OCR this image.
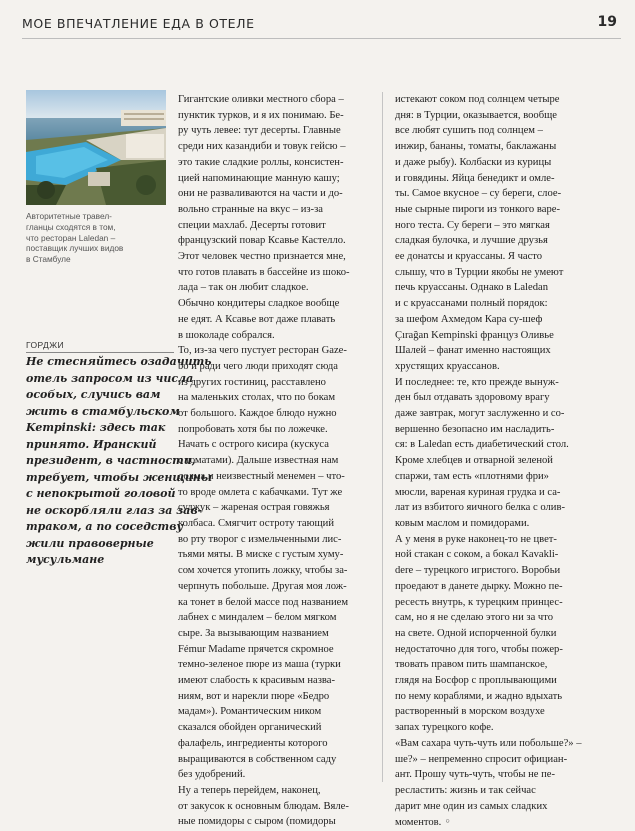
МОЕ ВПЕЧАТЛЕНИЕ ЕДА В ОТЕЛЕ	19
Авторитетные травел-
гланцы сходятся в том,
что ресторан Laledan –
поставщик лучших видов
в Стамбуле
ГОРДЖИ
Не стесняйтесь озадачить
отель запросом из числа
особых, случись вам
жить в стамбульском
Kempinski: здесь так
принято. Иранский
президент, в частности,
требует, чтобы женщины
с непокрытой головой
не оскорбляли глаз за зав-
траком, а по соседству
жили правоверные
мусульмане
Гигантские оливки местного сбора –
пунктик турков, и я их понимаю. Бе-
ру чуть левее: тут десерты. Главные
среди них казандиби и товук гейсю –
это такие сладкие роллы, консистен-
цией напоминающие манную кашу;
они не разваливаются на части и до-
вольно странные на вкус – из-за
специи махлаб. Десерты готовит
французский повар Ксавье Кастелло.
Этот человек честно признается мне,
что готов плавать в бассейне из шоко-
лада – так он любит сладкое.
Обычно кондитеры сладкое вообще
не едят. А Ксавье вот даже плавать
в шоколаде собрался.
То, из-за чего пустует ресторан Gaze-
bo и ради чего люди приходят сюда
из других гостиниц, расставлено
на маленьких столах, что по бокам
от большого. Каждое блюдо нужно
попробовать хотя бы по ложечке.
Начать с острого кисира (кускуса
с томатами). Дальше известная нам
долма и неизвестный менемен – что-
то вроде омлета с кабачками. Тут же
суджук – жареная острая говяжья
колбаса. Смягчит остроту тающий
во рту творог с измельченными лис-
тьями мяты. В миске с густым хуму-
сом хочется утопить ложку, чтобы за-
черпнуть побольше. Другая моя лож-
ка тонет в белой массе под названием
лабнех с миндалем – белом мягком
сыре. За вызывающим названием
Fémur Madame прячется скромное
темно-зеленое пюре из маша (турки
имеют слабость к красивым назва-
ниям, вот и нарекли пюре «Бедро
мадам»). Романтическим ником
сказался обойден органический
фалафель, ингредиенты которого
выращиваются в собственном саду
без удобрений.
Ну а теперь перейдем, наконец,
от закусок к основным блюдам. Вяле-
ные помидоры с сыром (помидоры
истекают соком под солнцем четыре
дня: в Турции, оказывается, вообще
все любят сушить под солнцем –
инжир, бананы, томаты, баклажаны
и даже рыбу). Колбаски из курицы
и говядины. Яйца бенедикт и омле-
ты. Самое вкусное – су береги, слое-
ные сырные пироги из тонкого варе-
ного теста. Су береги – это мягкая
сладкая булочка, и лучшие друзья
ее донатсы и круассаны. Я часто
слышу, что в Турции якобы не умеют
печь круассаны. Однако в Laledan
и с круассанами полный порядок:
за шефом Ахмедом Кара су-шеф
Çırağan Kempinski француз Оливье
Шалей – фанат именно настоящих
хрустящих круассанов.
И последнее: те, кто прежде вынуж-
ден был отдавать здоровому врагу
даже завтрак, могут заслуженно и со-
вершенно безопасно им насладить-
ся: в Laledan есть диабетический стол.
Кроме хлебцев и отварной зеленой
спаржи, там есть «плотнями фри»
мюсли, вареная куриная грудка и са-
лат из взбитого яичного белка с олив-
ковым маслом и помидорами.
А у меня в руке наконец-то не цвет-
ной стакан с соком, а бокал Kavakli-
dere – турецкого игристого. Воробьи
проедают в данете дырку. Можно пе-
ресесть внутрь, к турецким принцес-
сам, но я не сделаю этого ни за что
на свете. Одной испорченной булки
недостаточно для того, чтобы пожер-
твовать правом пить шампанское,
глядя на Босфор с проплывающими
по нему кораблями, и жадно вдыхать
растворенный в морском воздухе
запах турецкого кофе.
«Вам сахара чуть-чуть или побольше?» –
ше?» – непременно спросит официан-
ант. Прошу чуть-чуть, чтобы не пе-
ресластить: жизнь и так сейчас
дарит мне один из самых сладких
моментов. ◦
